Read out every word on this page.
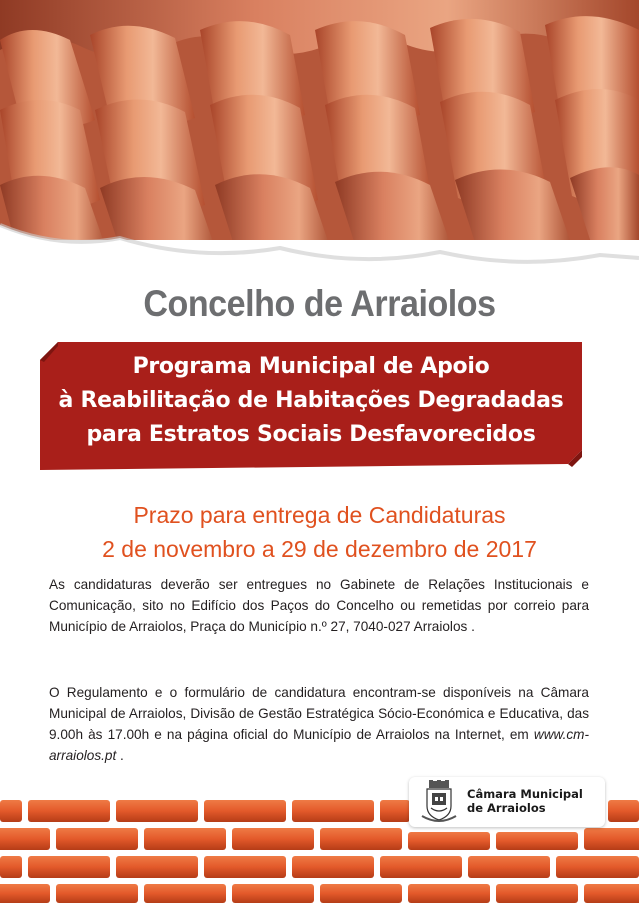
Concelho de Arraiolos
Programa Municipal de Apoio
à Reabilitação de Habitações Degradadas
para Estratos Sociais Desfavorecidos
Prazo para entrega de Candidaturas
2 de novembro a 29 de dezembro de 2017
As candidaturas deverão ser entregues no Gabinete de Relações Institucionais e Comunicação, sito no Edifício dos Paços do Concelho ou remetidas por correio para Município de Arraiolos, Praça do Município n.º 27, 7040-027 Arraiolos .
O Regulamento e o formulário de candidatura encontram-se disponíveis na Câmara Municipal de Arraiolos, Divisão de Gestão Estratégica Sócio-Económica e Educativa, das 9.00h às 17.00h e na página oficial do Município de Arraiolos na Internet, em www.cm-arraiolos.pt .
Câmara Municipal
de Arraiolos
